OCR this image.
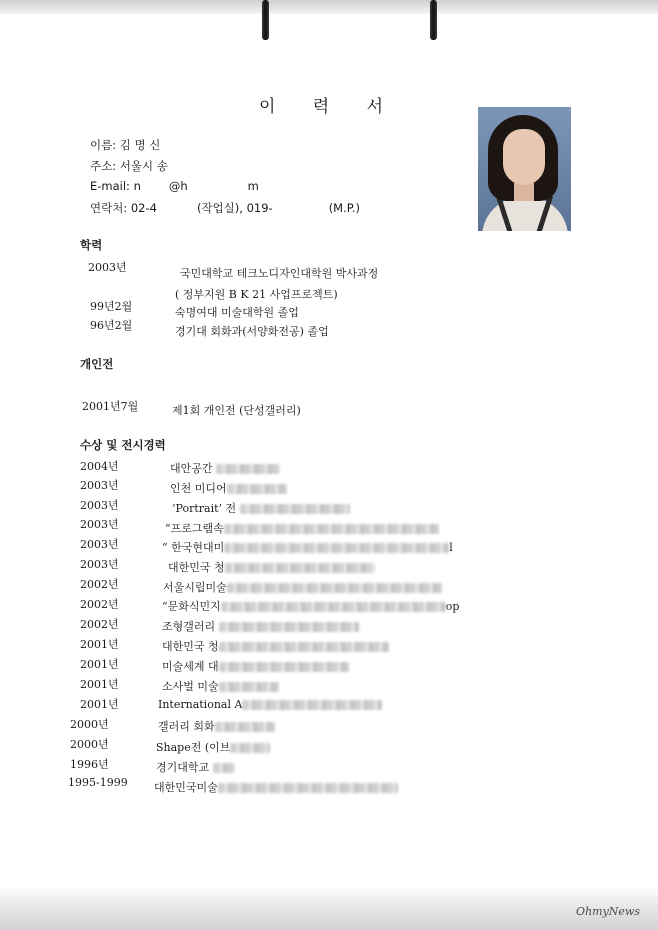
이 력 서
이름: 김 명 신
주소: 서울시 송
E-mail: n @h	m
연락처: 02-4	(작업실), 019-	(M.P.)
학력
2003년	국민대학교 테크노디자인대학원 박사과정
( 정부지원 B K 21 사업프로젝트)
99년2월	숙명여대 미술대학원 졸업
96년2월	경기대 회화과(서양화전공) 졸업
개인전
2001년7월	제1회 개인전 (단성갤러리)
수상 및 전시경력
2004년	대안공간
2003년	인천 미디어
2003년	‘Portrait’ 전
2003년	“프로그램속
2003년	“ 한국현대미	l
2003년	대한민국 청
2002년	서울시립미술
2002년	“문화식민지	op
2002년	조형갤러리
2001년	대한민국 청
2001년	미술세계 대
2001년	소사벌 미술
2001년	International A
2000년	갤러리 회화
2000년	Shape전 (이브
1996년	경기대학교
1995-1999 대한민국미술
OhmyNews
